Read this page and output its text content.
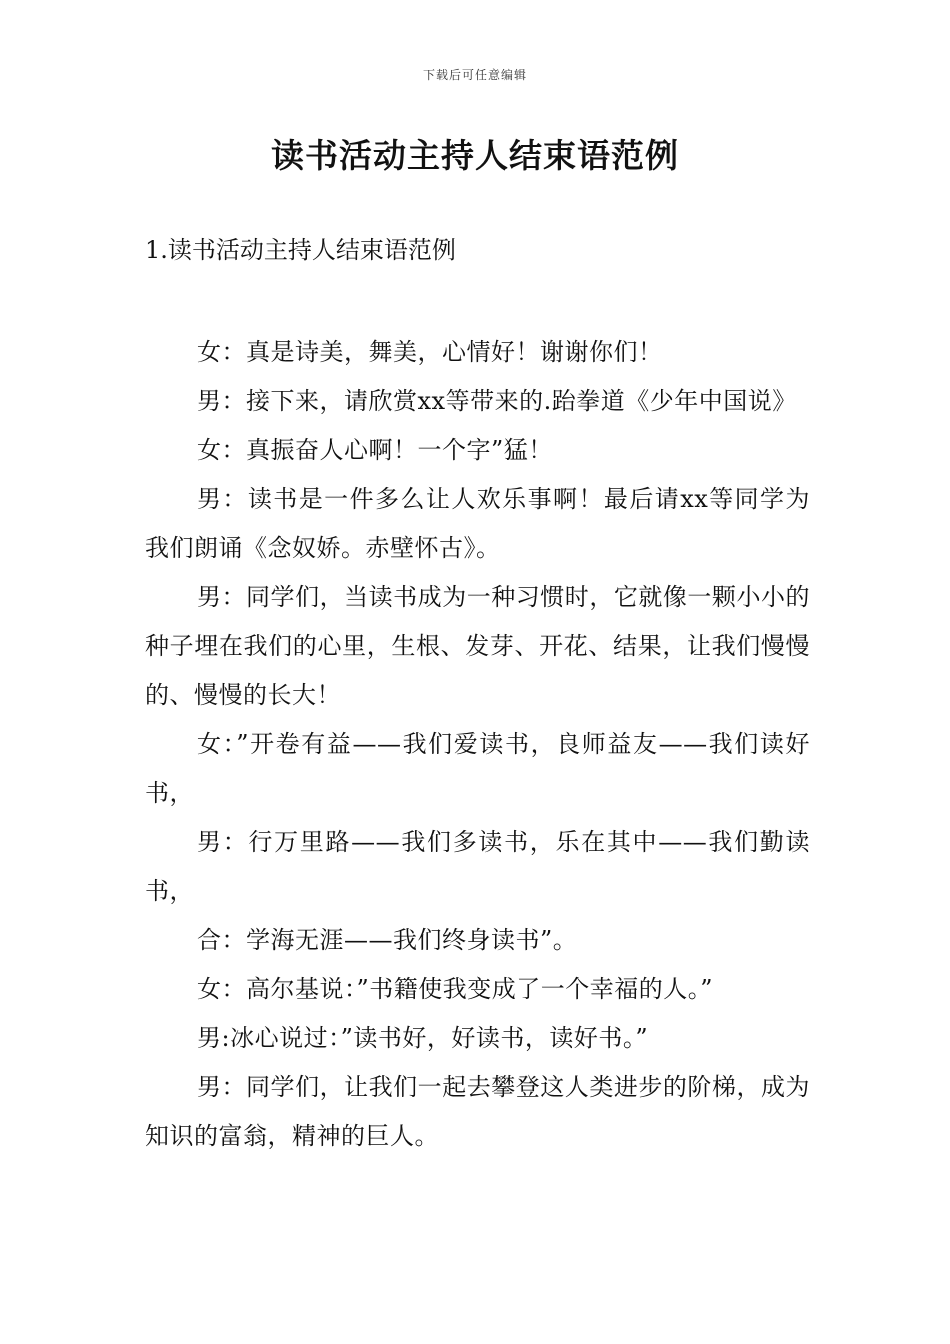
下载后可任意编辑
读书活动主持人结束语范例
1.读书活动主持人结束语范例

女：真是诗美，舞美，心情好！谢谢你们！

男：接下来，请欣赏xx等带来的.跆拳道《少年中国说》

女：真振奋人心啊！一个字”猛！

男：读书是一件多么让人欢乐事啊！最后请xx等同学为我们朗诵《念奴娇。赤壁怀古》。

男：同学们，当读书成为一种习惯时，它就像一颗小小的种子埋在我们的心里，生根、发芽、开花、结果，让我们慢慢的、慢慢的长大！

女：”开卷有益——我们爱读书，良师益友——我们读好书，

男：行万里路——我们多读书，乐在其中——我们勤读书，

合：学海无涯——我们终身读书”。

女：高尔基说：”书籍使我变成了一个幸福的人。”

男:冰心说过：”读书好，好读书，读好书。”

男：同学们，让我们一起去攀登这人类进步的阶梯，成为知识的富翁，精神的巨人。
